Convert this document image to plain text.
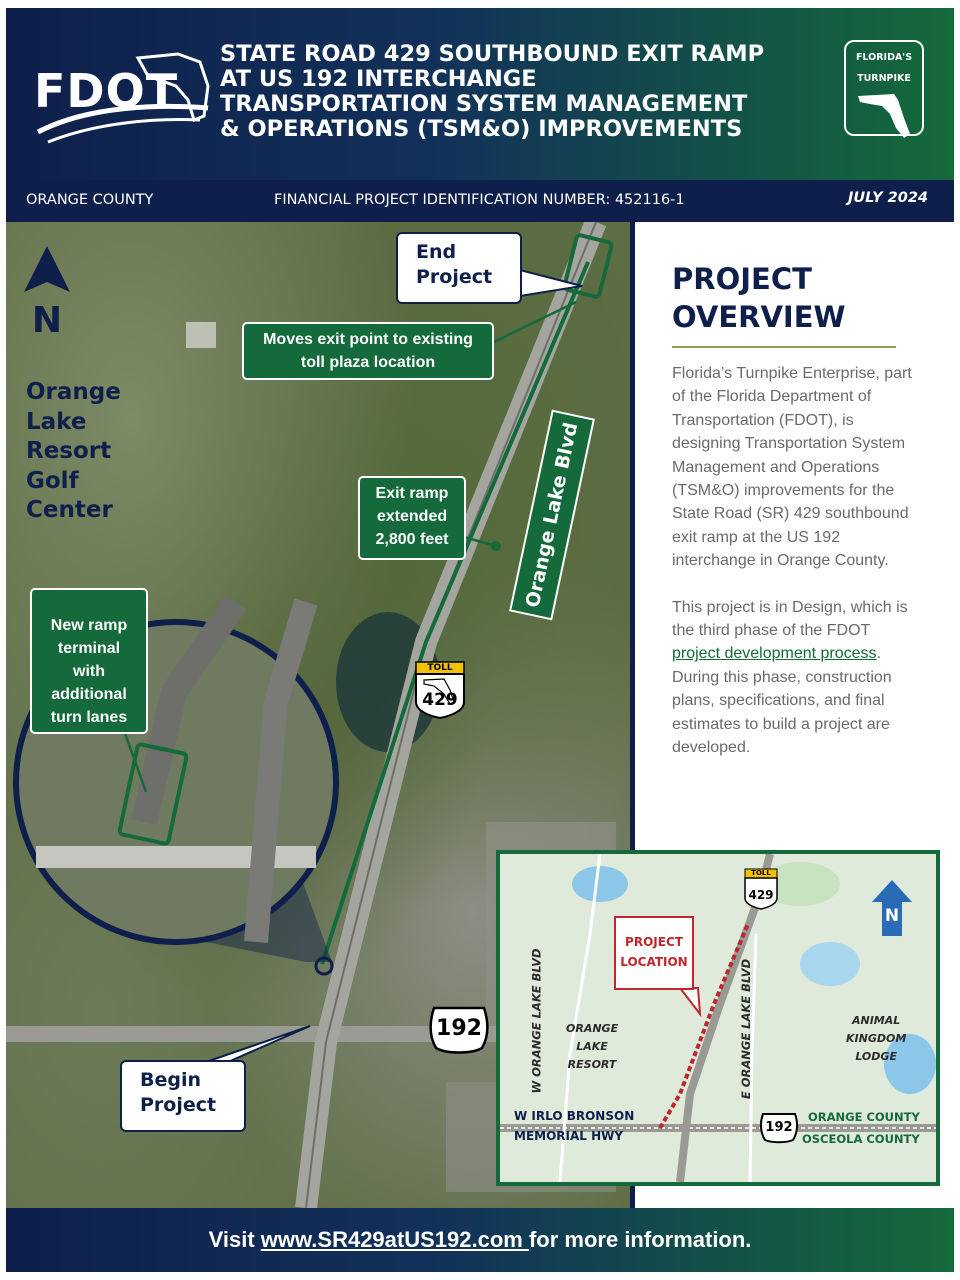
FDOT
STATE ROAD 429 SOUTHBOUND EXIT RAMP
AT US 192 INTERCHANGE
TRANSPORTATION SYSTEM MANAGEMENT
& OPERATIONS (TSM&O) IMPROVEMENTS
FLORIDA'S
TURNPIKE
ORANGE COUNTY	FINANCIAL PROJECT IDENTIFICATION NUMBER: 452116-1	JULY 2024
N
Orange
Lake
Resort
Golf
Center
End
Project
Begin
Project
Moves exit point to existing
toll plaza location
Exit ramp
extended
2,800 feet
New ramp
terminal with
additional
turn lanes
Orange Lake Blvd
TOLL
429
192
PROJECT
OVERVIEW

Florida’s Turnpike Enterprise, part of the Florida Department of Transportation (FDOT), is designing Transportation System Management and Operations (TSM&O) improvements for the State Road (SR) 429 southbound exit ramp at the US 192 interchange in Orange County.

This project is in Design, which is the third phase of the FDOT project development process. During this phase, construction plans, specifications, and final estimates to build a project are developed.

PROJECT
LOCATION
W ORANGE LAKE BLVD	E ORANGE LAKE BLVD
ORANGE
LAKE
RESORT
ANIMAL
KINGDOM
LODGE
W IRLO BRONSON
MEMORIAL HWY
ORANGE COUNTY
OSCEOLA COUNTY
N
TOLL
429
192
Visit www.SR429atUS192.com for more information.
